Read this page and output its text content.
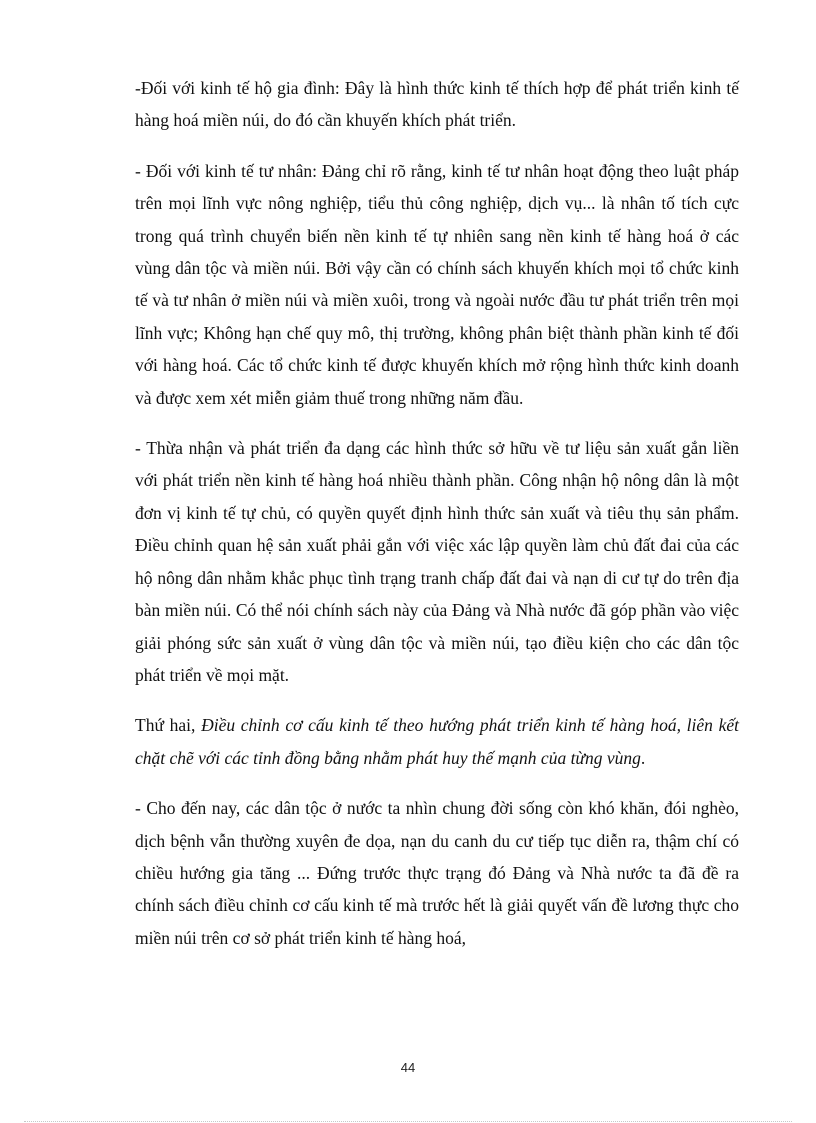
-Đối với kinh tế hộ gia đình: Đây là hình thức kinh tế thích hợp để phát triển kinh tế hàng hoá miền núi, do đó cần khuyến khích phát triển.

- Đối với kinh tế tư nhân: Đảng chỉ rõ rằng, kinh tế tư nhân hoạt động theo luật pháp trên mọi lĩnh vực nông nghiệp, tiểu thủ công nghiệp, dịch vụ... là nhân tố tích cực trong quá trình chuyển biến nền kinh tế tự nhiên sang nền kinh tế hàng hoá ở các vùng dân tộc và miền núi. Bởi vậy cần có chính sách khuyến khích mọi tổ chức kinh tế và tư nhân ở miền núi và miền xuôi, trong và ngoài nước đầu tư phát triển trên mọi lĩnh vực; Không hạn chế quy mô, thị trường, không phân biệt thành phần kinh tế đối với hàng hoá. Các tổ chức kinh tế được khuyến khích mở rộng hình thức kinh doanh và được xem xét miễn giảm thuế trong những năm đầu.

- Thừa nhận và phát triển đa dạng các hình thức sở hữu về tư liệu sản xuất gắn liền với phát triển nền kinh tế hàng hoá nhiều thành phần. Công nhận hộ nông dân là một đơn vị kinh tế tự chủ, có quyền quyết định hình thức sản xuất và tiêu thụ sản phẩm. Điều chỉnh quan hệ sản xuất phải gắn với việc xác lập quyền làm chủ đất đai của các hộ nông dân nhằm khắc phục tình trạng tranh chấp đất đai và nạn di cư tự do trên địa bàn miền núi. Có thể nói chính sách này của Đảng và Nhà nước đã góp phần vào việc giải phóng sức sản xuất ở vùng dân tộc và miền núi, tạo điều kiện cho các dân tộc phát triển về mọi mặt.

Thứ hai, Điều chỉnh cơ cấu kinh tế theo hướng phát triển kinh tế hàng hoá, liên kết chặt chẽ với các tỉnh đồng bằng nhằm phát huy thế mạnh của từng vùng.

- Cho đến nay, các dân tộc ở nước ta nhìn chung đời sống còn khó khăn, đói nghèo, dịch bệnh vẫn thường xuyên đe dọa, nạn du canh du cư tiếp tục diễn ra, thậm chí có chiều hướng gia tăng ... Đứng trước thực trạng đó Đảng và Nhà nước ta đã đề ra chính sách điều chỉnh cơ cấu kinh tế mà trước hết là giải quyết vấn đề lương thực cho miền núi trên cơ sở phát triển kinh tế hàng hoá,

44
